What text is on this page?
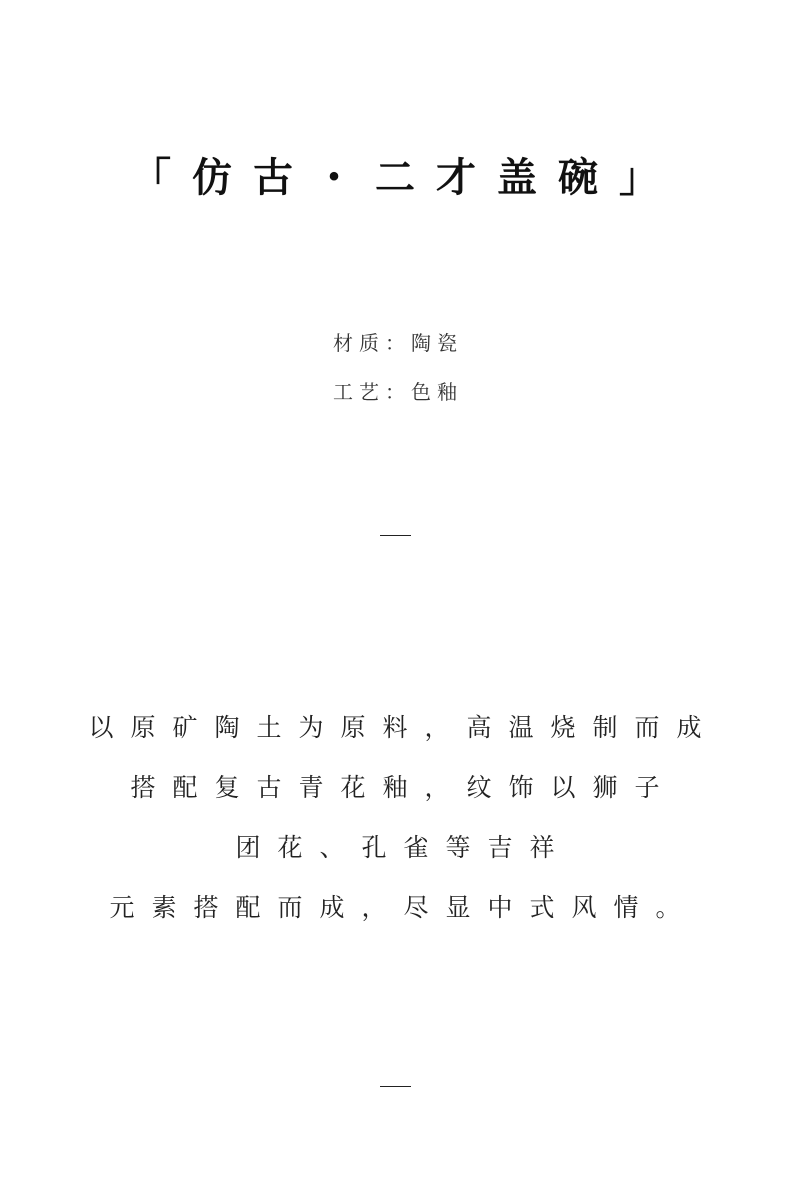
「仿古・二才盖碗」
材质：陶瓷
工艺：色釉
以原矿陶土为原料，高温烧制而成
搭配复古青花釉，纹饰以狮子
团花、孔雀等吉祥
元素搭配而成，尽显中式风情。
